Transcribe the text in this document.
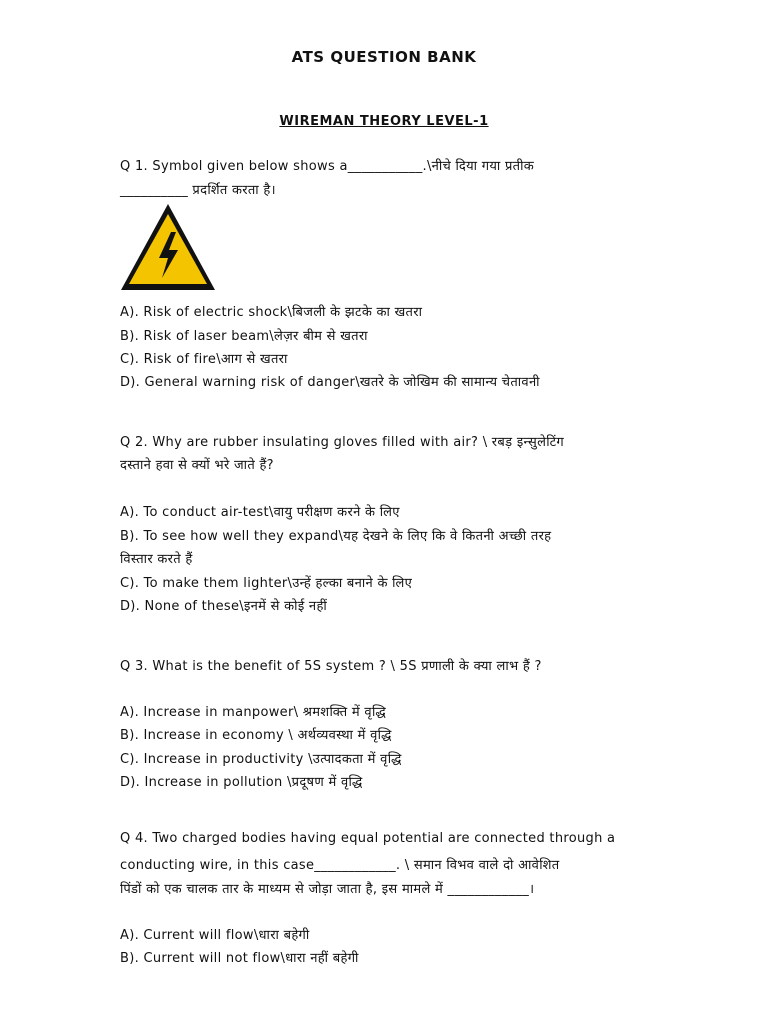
ATS QUESTION BANK
WIREMAN THEORY LEVEL-1
Q 1. Symbol given below shows a___________.\नीचे दिया गया प्रतीक
__________ प्रदर्शित करता है।
A). Risk of electric shock\बिजली के झटके का खतरा
B). Risk of laser beam\लेज़र बीम से खतरा
C). Risk of fire\आग से खतरा
D). General warning risk of danger\खतरे के जोखिम की सामान्य चेतावनी
Q 2. Why are rubber insulating gloves filled with air? \ रबड़ इन्सुलेटिंग
दस्ताने हवा से क्यों भरे जाते हैं?
A). To conduct air-test\वायु परीक्षण करने के लिए
B). To see how well they expand\यह देखने के लिए कि वे कितनी अच्छी तरह
विस्तार करते हैं
C). To make them lighter\उन्हें हल्का बनाने के लिए
D). None of these\इनमें से कोई नहीं
Q 3. What is the benefit of 5S system ? \ 5S प्रणाली के क्या लाभ हैं ?
A). Increase in manpower\ श्रमशक्ति में वृद्धि
B). Increase in economy \ अर्थव्यवस्था में वृद्धि
C). Increase in productivity \उत्पादकता में वृद्धि
D). Increase in pollution \प्रदूषण में वृद्धि
Q 4. Two charged bodies having equal potential are connected through a
conducting wire, in this case____________. \ समान विभव वाले दो आवेशित
पिंडों को एक चालक तार के माध्यम से जोड़ा जाता है, इस मामले में ____________।
A). Current will flow\धारा बहेगी
B). Current will not flow\धारा नहीं बहेगी
